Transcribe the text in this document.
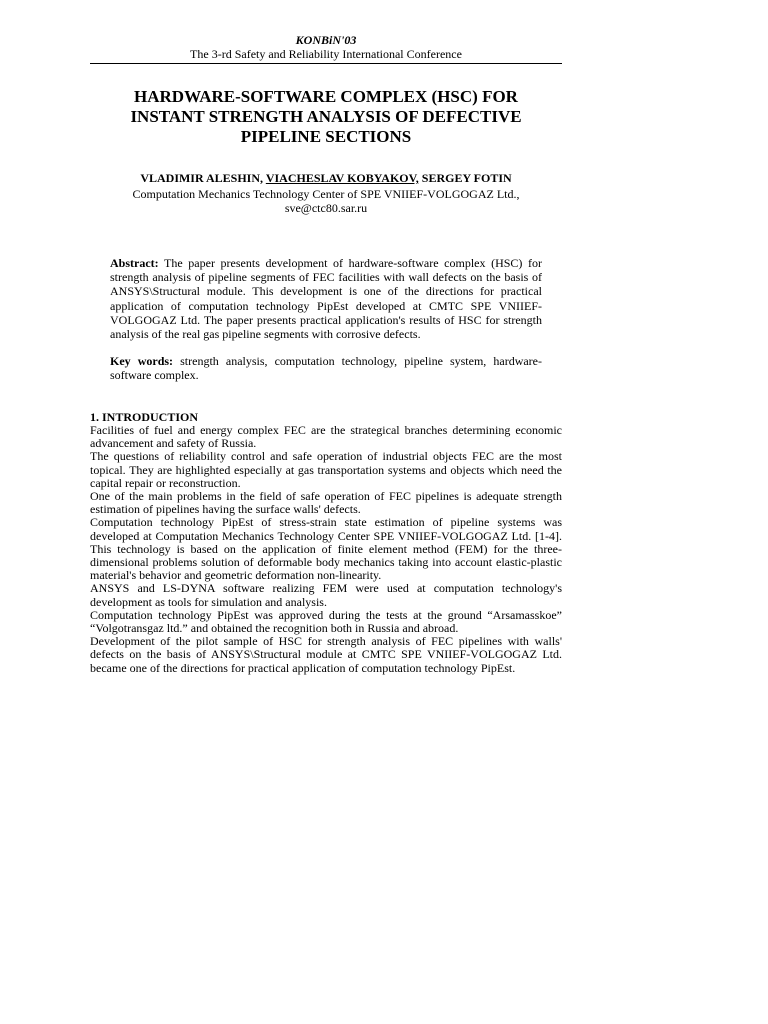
KONBiN'03
The 3-rd Safety and Reliability International Conference
HARDWARE-SOFTWARE COMPLEX (HSC) FOR
INSTANT STRENGTH ANALYSIS OF DEFECTIVE
PIPELINE SECTIONS
VLADIMIR ALESHIN, VIACHESLAV KOBYAKOV, SERGEY FOTIN
Computation Mechanics Technology Center of SPE VNIIEF-VOLGOGAZ Ltd.,
sve@ctc80.sar.ru
Abstract: The paper presents development of hardware-software complex (HSC) for strength analysis of pipeline segments of FEC facilities with wall defects on the basis of ANSYS\Structural module. This development is one of the directions for practical application of computation technology PipEst developed at CMTC SPE VNIIEF-VOLGOGAZ Ltd. The paper presents practical application's results of HSC for strength analysis of the real gas pipeline segments with corrosive defects.
Key words: strength analysis, computation technology, pipeline system, hardware-software complex.
1. INTRODUCTION

Facilities of fuel and energy complex FEC are the strategical branches determining economic advancement and safety of Russia.

The questions of reliability control and safe operation of industrial objects FEC are the most topical. They are highlighted especially at gas transportation systems and objects which need the capital repair or reconstruction.

One of the main problems in the field of safe operation of FEC pipelines is adequate strength estimation of pipelines having the surface walls' defects.

Computation technology PipEst of stress-strain state estimation of pipeline systems was developed at Computation Mechanics Technology Center SPE VNIIEF-VOLGOGAZ Ltd. [1-4]. This technology is based on the application of finite element method (FEM) for the three-dimensional problems solution of deformable body mechanics taking into account elastic-plastic material's behavior and geometric deformation non-linearity.

ANSYS and LS-DYNA software realizing FEM were used at computation technology's development as tools for simulation and analysis.

Computation technology PipEst was approved during the tests at the ground “Arsamasskoe” “Volgotransgaz ltd.” and obtained the recognition both in Russia and abroad.

Development of the pilot sample of HSC for strength analysis of FEC pipelines with walls' defects on the basis of ANSYS\Structural module at CMTC SPE VNIIEF-VOLGOGAZ Ltd. became one of the directions for practical application of computation technology PipEst.
